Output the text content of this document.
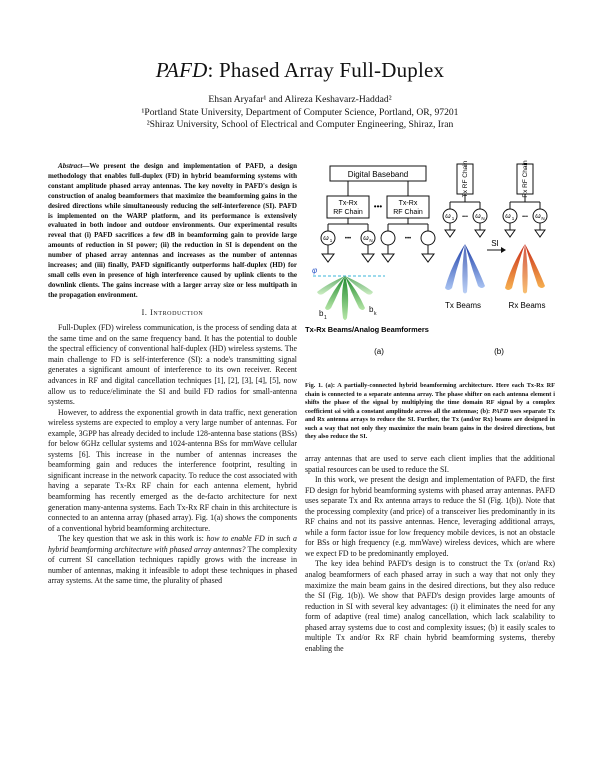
PAFD: Phased Array Full-Duplex
Ehsan Aryafar¹ and Alireza Keshavarz-Haddad²
¹Portland State University, Department of Computer Science, Portland, OR, 97201
²Shiraz University, School of Electrical and Computer Engineering, Shiraz, Iran

Abstract—We present the design and implementation of PAFD, a design methodology that enables full-duplex (FD) in hybrid beamforming systems with constant amplitude phased array antennas. The key novelty in PAFD's design is construction of analog beamformers that maximize the beamforming gains in the desired directions while simultaneously reducing the self-interference (SI). PAFD is implemented on the WARP platform, and its performance is extensively evaluated in both indoor and outdoor environments. Our experimental results reveal that (i) PAFD sacrifices a few dB in beamforming gain to provide large amounts of reduction in SI power; (ii) the reduction in SI is dependent on the number of phased array antennas and increases as the number of antennas increases; and (iii) finally, PAFD significantly outperforms half-duplex (HD) for small cells even in presence of high interference caused by uplink clients to the downlink clients. The gains increase with a larger array size or less multipath in the propagation environment.

I. Introduction

Full-Duplex (FD) wireless communication, is the process of sending data at the same time and on the same frequency band. It has the potential to double the spectral efficiency of conventional half-duplex (HD) wireless systems. The main challenge to FD is self-interference (SI): a node's transmitting signal generates a significant amount of interference to its own receiver. Recent advances in RF and digital cancellation techniques [1], [2], [3], [4], [5], now allow us to reduce/eliminate the SI and build FD radios for small-antenna systems.

However, to address the exponential growth in data traffic, next generation wireless systems are expected to employ a very large number of antennas. For example, 3GPP has already decided to include 128-antenna base stations (BSs) for below 6GHz cellular systems and 1024-antenna BSs for mmWave cellular systems [6]. This increase in the number of antennas increases the beamforming gain and reduces the interference footprint, resulting in significant increase in the network capacity. To reduce the cost associated with having a separate Tx-Rx RF chain for each antenna element, hybrid beamforming has recently emerged as the de-facto architecture for next generation many-antenna systems. Each Tx-Rx RF chain in this architecture is connected to an antenna array (phased array). Fig. 1(a) shows the components of a conventional hybrid beamforming architecture.

The key question that we ask in this work is: how to enable FD in such a hybrid beamforming architecture with phased array antennas? The complexity of current SI cancellation techniques rapidly grows with the increase in number of antennas, making it infeasible to adopt these techniques in phased array systems. At the same time, the plurality of phased

Digital Baseband
Tx-Rx
RF Chain
••• Tx-Rx
RF Chain
ω 1 ••• ω N	•••
φ
b 1
b k
Tx-Rx Beams/Analog Beamformers
(a)
Tx RF Chain	Rx RF Chain
ω 1	ω N
•••	ω 1	ω N
•••
SI
Tx Beams	Rx Beams
(b)
Fig. 1. (a): A partially-connected hybrid beamforming architecture. Here each Tx-Rx RF chain is connected to a separate antenna array. The phase shifter on each antenna element i shifts the phase of the signal by multiplying the time domain RF signal by a complex coefficient ωi with a constant amplitude across all the antennas; (b): PAFD uses separate Tx and Rx antenna arrays to reduce the SI. Further, the Tx (and/or Rx) beams are designed in such a way that not only they maximize the main beam gains in the desired directions, but they also reduce the SI.

array antennas that are used to serve each client implies that the additional spatial resources can be used to reduce the SI.

In this work, we present the design and implementation of PAFD, the first FD design for hybrid beamforming systems with phased array antennas. PAFD uses separate Tx and Rx antenna arrays to reduce the SI (Fig. 1(b)). Note that the processing complexity (and price) of a transceiver lies predominantly in its RF chains and not its passive antennas. Hence, leveraging additional arrays, while a form factor issue for low frequency mobile devices, is not an obstacle for BSs or high frequency (e.g. mmWave) wireless devices, which are where we expect FD to be predominantly employed.

The key idea behind PAFD's design is to construct the Tx (or/and Rx) analog beamformers of each phased array in such a way that not only they maximize the main beam gains in the desired directions, but they also reduce the SI (Fig. 1(b)). We show that PAFD's design provides large amounts of reduction in SI with several key advantages: (i) it eliminates the need for any form of adaptive (real time) analog cancellation, which lack scalability to phased array systems due to cost and complexity issues; (b) it easily scales to multiple Tx and/or Rx RF chain hybrid beamforming systems, thereby enabling the
